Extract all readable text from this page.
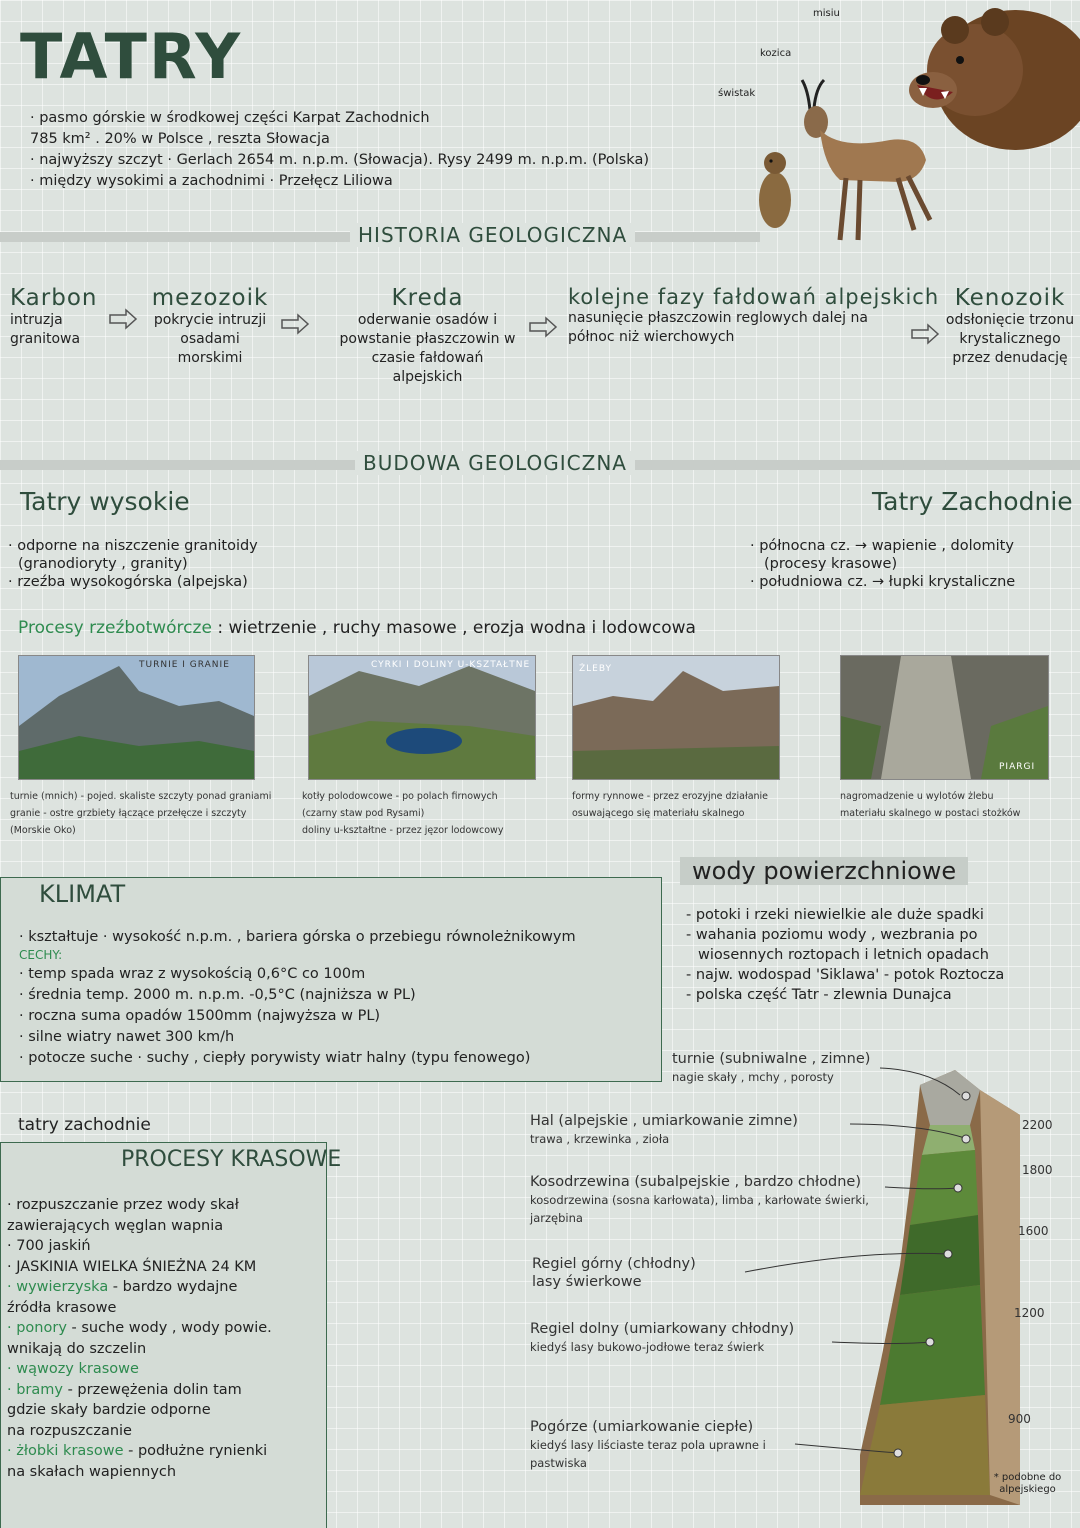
TATRY
· pasmo górskie w środkowej części Karpat Zachodnich
785 km² . 20% w Polsce , reszta Słowacja
· najwyższy szczyt · Gerlach 2654 m. n.p.m. (Słowacja). Rysy 2499 m. n.p.m. (Polska)
· między wysokimi a zachodnimi · Przełęcz Liliowa
misiu
kozica
świstak
HISTORIA GEOLOGICZNA
Karbon
intruzja granitowa
mezozoik
pokrycie intruzji osadami morskimi
Kreda
oderwanie osadów i powstanie płaszczowin w czasie fałdowań alpejskich
kolejne fazy fałdowań alpejskich
nasunięcie płaszczowin reglowych dalej na północ niż wierchowych
Kenozoik
odsłonięcie trzonu krystalicznego przez denudację
BUDOWA GEOLOGICZNA
Tatry wysokie
· odporne na niszczenie granitoidy
(granodioryty , granity)
· rzeźba wysokogórska (alpejska)
Tatry Zachodnie
· północna cz. → wapienie , dolomity
(procesy krasowe)
· południowa cz. → łupki krystaliczne
Procesy rzeźbotwórcze : wietrzenie , ruchy masowe , erozja wodna i lodowcowa
TURNIE I GRANIE	CYRKI I DOLINY U-KSZTAŁTNE	ŻLEBY
PIARGI
turnie (mnich) - pojed. skaliste szczyty ponad graniami
granie - ostre grzbiety łączące przełęcze i szczyty
(Morskie Oko)
kotły polodowcowe - po polach firnowych
(czarny staw pod Rysami)
doliny u-kształtne - przez jęzor lodowcowy
formy rynnowe - przez erozyjne działanie
osuwającego się materiału skalnego
nagromadzenie u wylotów żlebu
materiału skalnego w postaci stożków
KLIMAT
· kształtuje · wysokość n.p.m. , bariera górska o przebiegu równoleżnikowym
CECHY:
· temp spada wraz z wysokością 0,6°C co 100m
· średnia temp. 2000 m. n.p.m. -0,5°C (najniższa w PL)
· roczna suma opadów 1500mm (najwyższa w PL)
· silne wiatry nawet 300 km/h
· potocze suche · suchy , ciepły porywisty wiatr halny (typu fenowego)
wody powierzchniowe
- potoki i rzeki niewielkie ale duże spadki
- wahania poziomu wody , wezbrania po
wiosennych roztopach i letnich opadach
- najw. wodospad 'Siklawa' - potok Roztocza
- polska część Tatr - zlewnia Dunajca
tatry zachodnie
PROCESY KRASOWE
· rozpuszczanie przez wody skał
zawierających węglan wapnia
· 700 jaskiń
· JASKINIA WIELKA ŚNIEŻNA 24 KM
· wywierzyska - bardzo wydajne
źródła krasowe
· ponory - suche wody , wody powie.
wnikają do szczelin
· wąwozy krasowe
· bramy - przewężenia dolin tam
gdzie skały bardzie odporne
na rozpuszczanie
· żłobki krasowe - podłużne rynienki
na skałach wapiennych
2200
1800
1600
1200
900
* podobne do alpejskiego
turnie (subniwalne , zimne)
nagie skały , mchy , porosty
Hal (alpejskie , umiarkowanie zimne)
trawa , krzewinka , zioła
Kosodrzewina (subalpejskie , bardzo chłodne)
kosodrzewina (sosna karłowata), limba , karłowate świerki, jarzębina
Regiel górny (chłodny)
lasy świerkowe
Regiel dolny (umiarkowany chłodny)
kiedyś lasy bukowo-jodłowe teraz świerk
Pogórze (umiarkowanie ciepłe)
kiedyś lasy liściaste teraz pola uprawne i pastwiska
